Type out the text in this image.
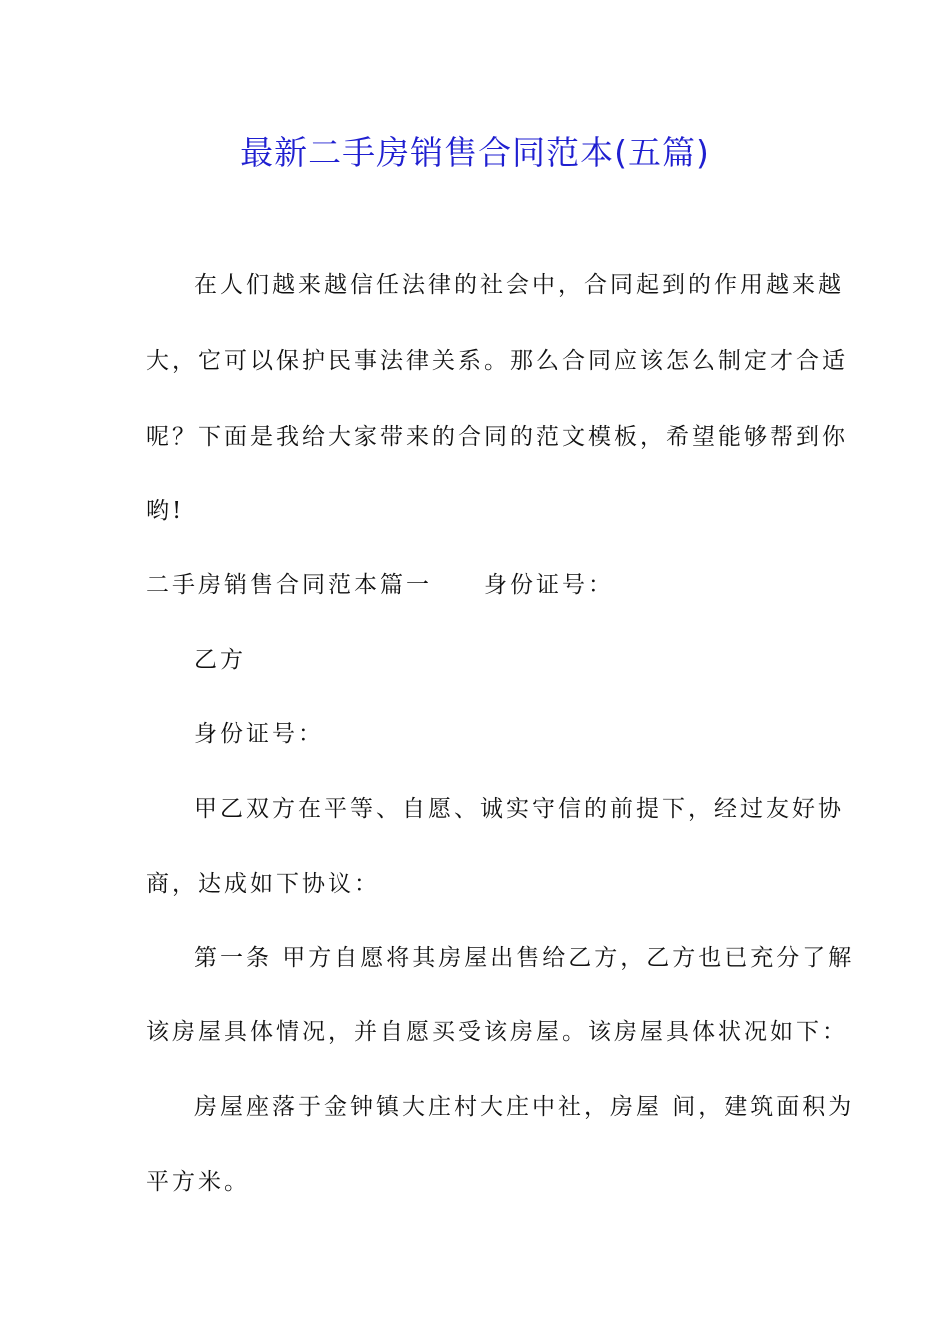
最新二手房销售合同范本(五篇)
在人们越来越信任法律的社会中，合同起到的作用越来越
大，它可以保护民事法律关系。那么合同应该怎么制定才合适
呢？下面是我给大家带来的合同的范文模板，希望能够帮到你
哟!
二手房销售合同范本篇一 身份证号：
乙方
身份证号：
甲乙双方在平等、自愿、诚实守信的前提下，经过友好协
商，达成如下协议：
第一条 甲方自愿将其房屋出售给乙方，乙方也已充分了解
该房屋具体情况，并自愿买受该房屋。该房屋具体状况如下：
房屋座落于金钟镇大庄村大庄中社，房屋 间，建筑面积为
平方米。
